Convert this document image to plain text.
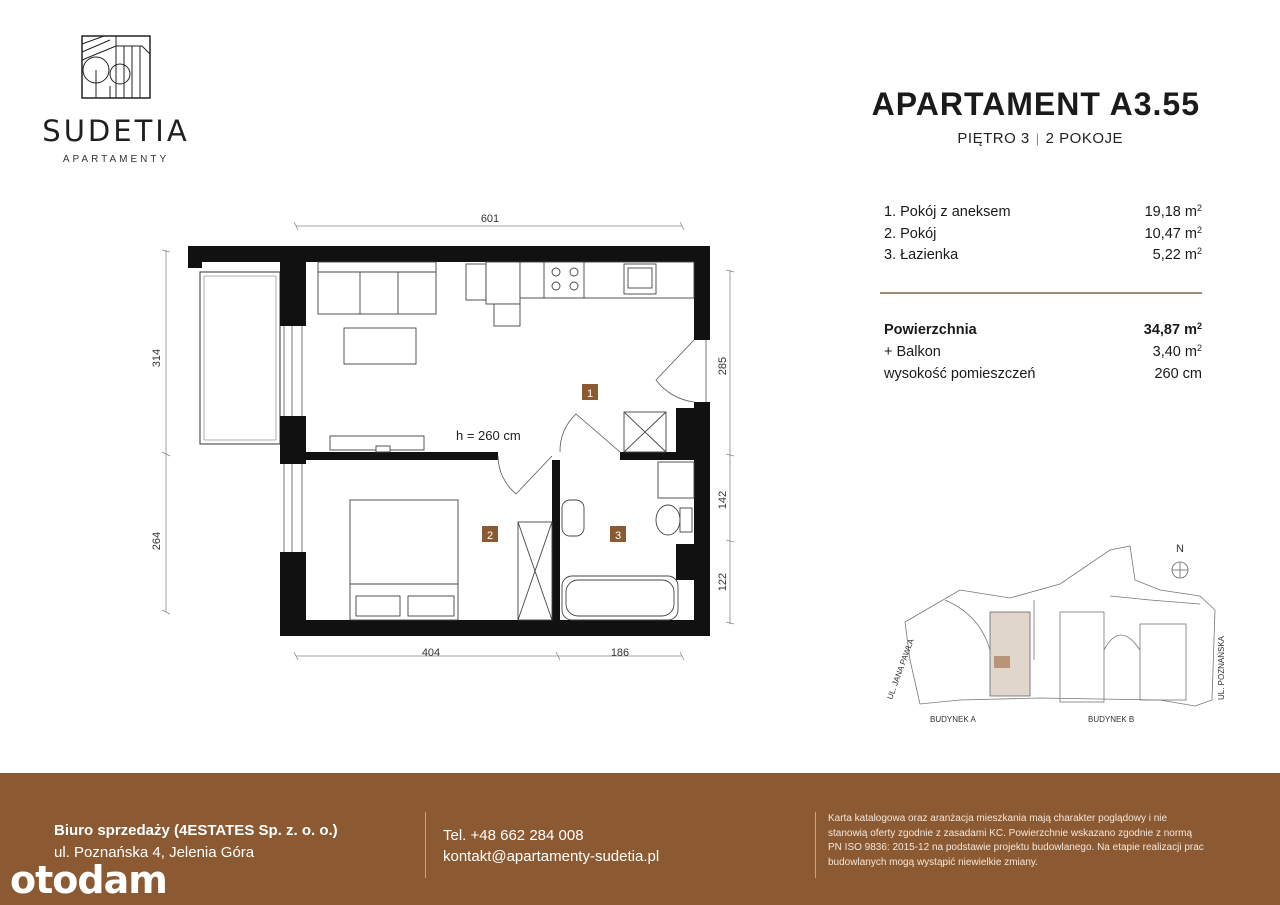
SUDETIA
APARTAMENTY
APARTAMENT A3.55
PIĘTRO 3 | 2 POKOJE
1. Pokój z aneksem	19,18 $m^2$
2. Pokój	10,47 $m^2$
3. Łazienka	5,22 $m^2$
Powierzchnia	34,87 $m^2$
+ Balkon	3,40 $m^2$
wysokość pomieszczeń	260 cm
601
314
264
285
142
122
404	186
1
2	3
h = 260 cm
N
UL. JANA PAWŁA	UL. POZNAŃSKA
BUDYNEK A	BUDYNEK B
Biuro sprzedaży (4ESTATES Sp. z. o. o.)
ul. Poznańska 4, Jelenia Góra
Tel. +48 662 284 008
kontakt@apartamenty-sudetia.pl
Karta katalogowa oraz aranżacja mieszkania mają charakter poglądowy i nie stanowią oferty zgodnie z zasadami KC. Powierzchnie wskazano zgodnie z normą PN ISO 9836: 2015-12 na podstawie projektu budowlanego. Na etapie realizacji prac budowlanych mogą wystąpić niewielkie zmiany.
otodam
